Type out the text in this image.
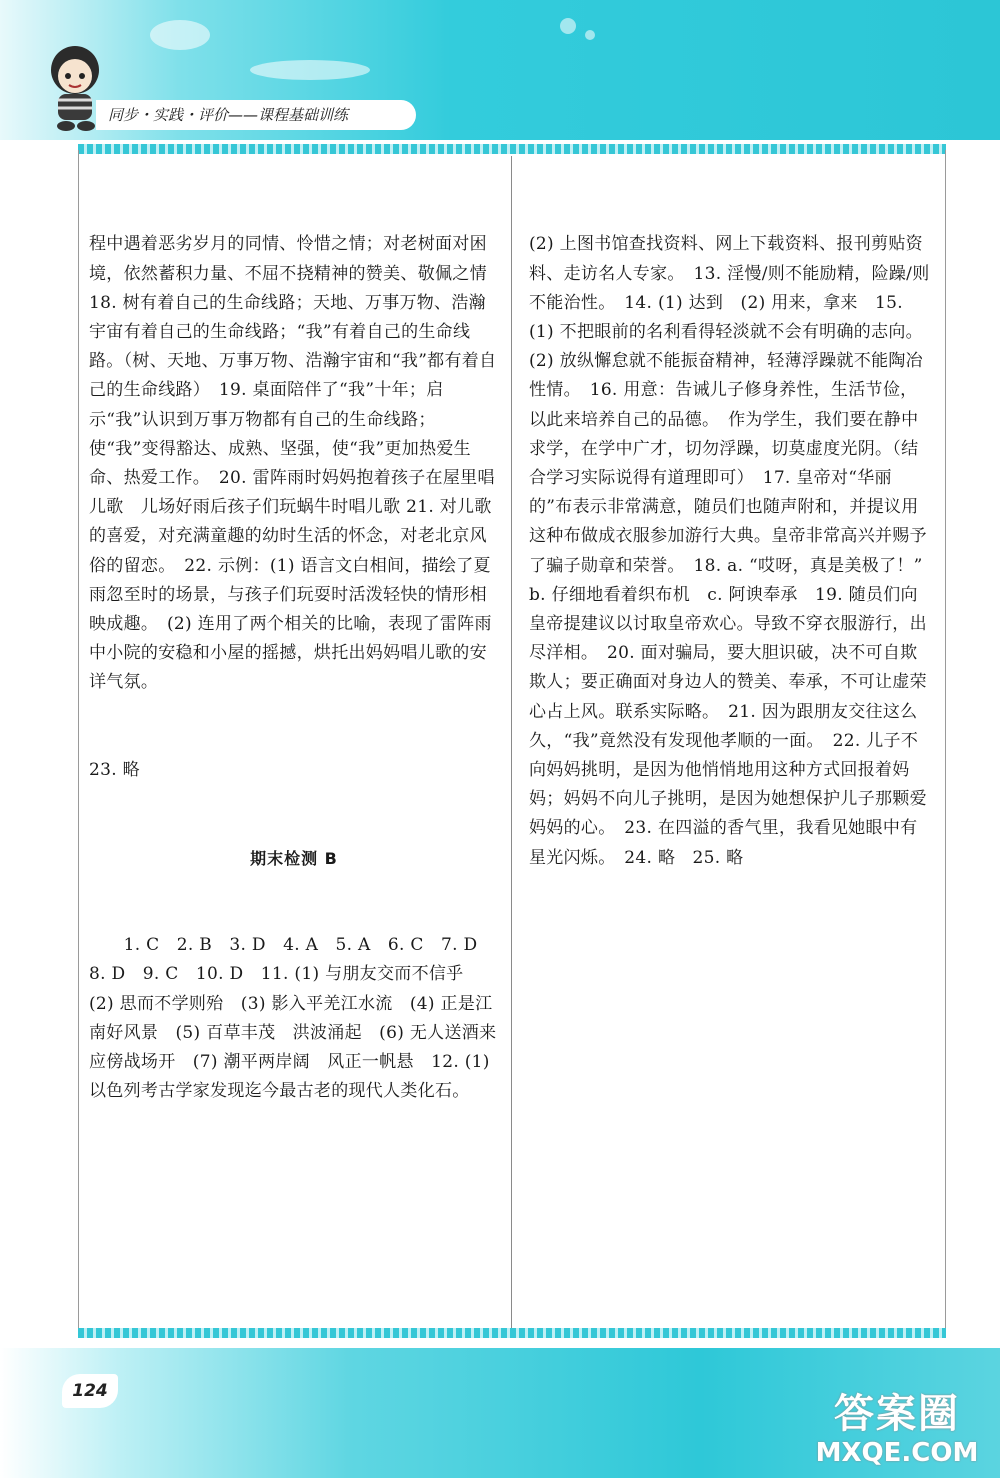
同步・实践・评价——课程基础训练

程中遇着恶劣岁月的同情、怜惜之情；对老树面对困境，依然蓄积力量、不屈不挠精神的赞美、敬佩之情　　18. 树有着自己的生命线路；天地、万事万物、浩瀚宇宙有着自己的生命线路；“我”有着自己的生命线路。（树、天地、万事万物、浩瀚宇宙和“我”都有着自己的生命线路）　19. 桌面陪伴了“我”十年；启示“我”认识到万事万物都有自己的生命线路；使“我”变得豁达、成熟、坚强，使“我”更加热爱生命、热爱工作。　20. 雷阵雨时妈妈抱着孩子在屋里唱儿歌　儿场好雨后孩子们玩蜗牛时唱儿歌 21. 对儿歌的喜爱，对充满童趣的幼时生活的怀念，对老北京风俗的留恋。　22. 示例：(1) 语言文白相间，描绘了夏雨忽至时的场景，与孩子们玩耍时活泼轻快的情形相映成趣。　(2) 连用了两个相关的比喻，表现了雷阵雨中小院的安稳和小屋的摇撼，烘托出妈妈唱儿歌的安详气氛。

23. 略

期末检测 B

　　1. C　2. B　3. D　4. A　5. A　6. C　7. D　8. D　9. C　10. D　11. (1) 与朋友交而不信乎　(2) 思而不学则殆　(3) 影入平羌江水流　(4) 正是江南好风景　(5) 百草丰茂　洪波涌起　(6) 无人送酒来　应傍战场开　(7) 潮平两岸阔　风正一帆悬　12. (1) 以色列考古学家发现迄今最古老的现代人类化石。

(2) 上图书馆查找资料、网上下载资料、报刊剪贴资料、走访名人专家。　13. 淫慢/则不能励精，险躁/则不能治性。　14. (1) 达到　(2) 用来，拿来　15. (1) 不把眼前的名利看得轻淡就不会有明确的志向。　(2) 放纵懈怠就不能振奋精神，轻薄浮躁就不能陶冶性情。　16. 用意：告诫儿子修身养性，生活节俭，以此来培养自己的品德。　作为学生，我们要在静中求学，在学中广才，切勿浮躁，切莫虚度光阴。（结合学习实际说得有道理即可）　17. 皇帝对“华丽的”布表示非常满意，随员们也随声附和，并提议用这种布做成衣服参加游行大典。皇帝非常高兴并赐予了骗子勋章和荣誉。　18. a. “哎呀，真是美极了！”　b. 仔细地看着织布机　c. 阿谀奉承　19. 随员们向皇帝提建议以讨取皇帝欢心。导致不穿衣服游行，出尽洋相。　20. 面对骗局，要大胆识破，决不可自欺欺人；要正确面对身边人的赞美、奉承，不可让虚荣心占上风。联系实际略。　21. 因为跟朋友交往这么久，“我”竟然没有发现他孝顺的一面。　22. 儿子不向妈妈挑明，是因为他悄悄地用这种方式回报着妈妈；妈妈不向儿子挑明，是因为她想保护儿子那颗爱妈妈的心。　23. 在四溢的香气里，我看见她眼中有星光闪烁。　24. 略　25. 略

124	答案圈
MXQE.COM
